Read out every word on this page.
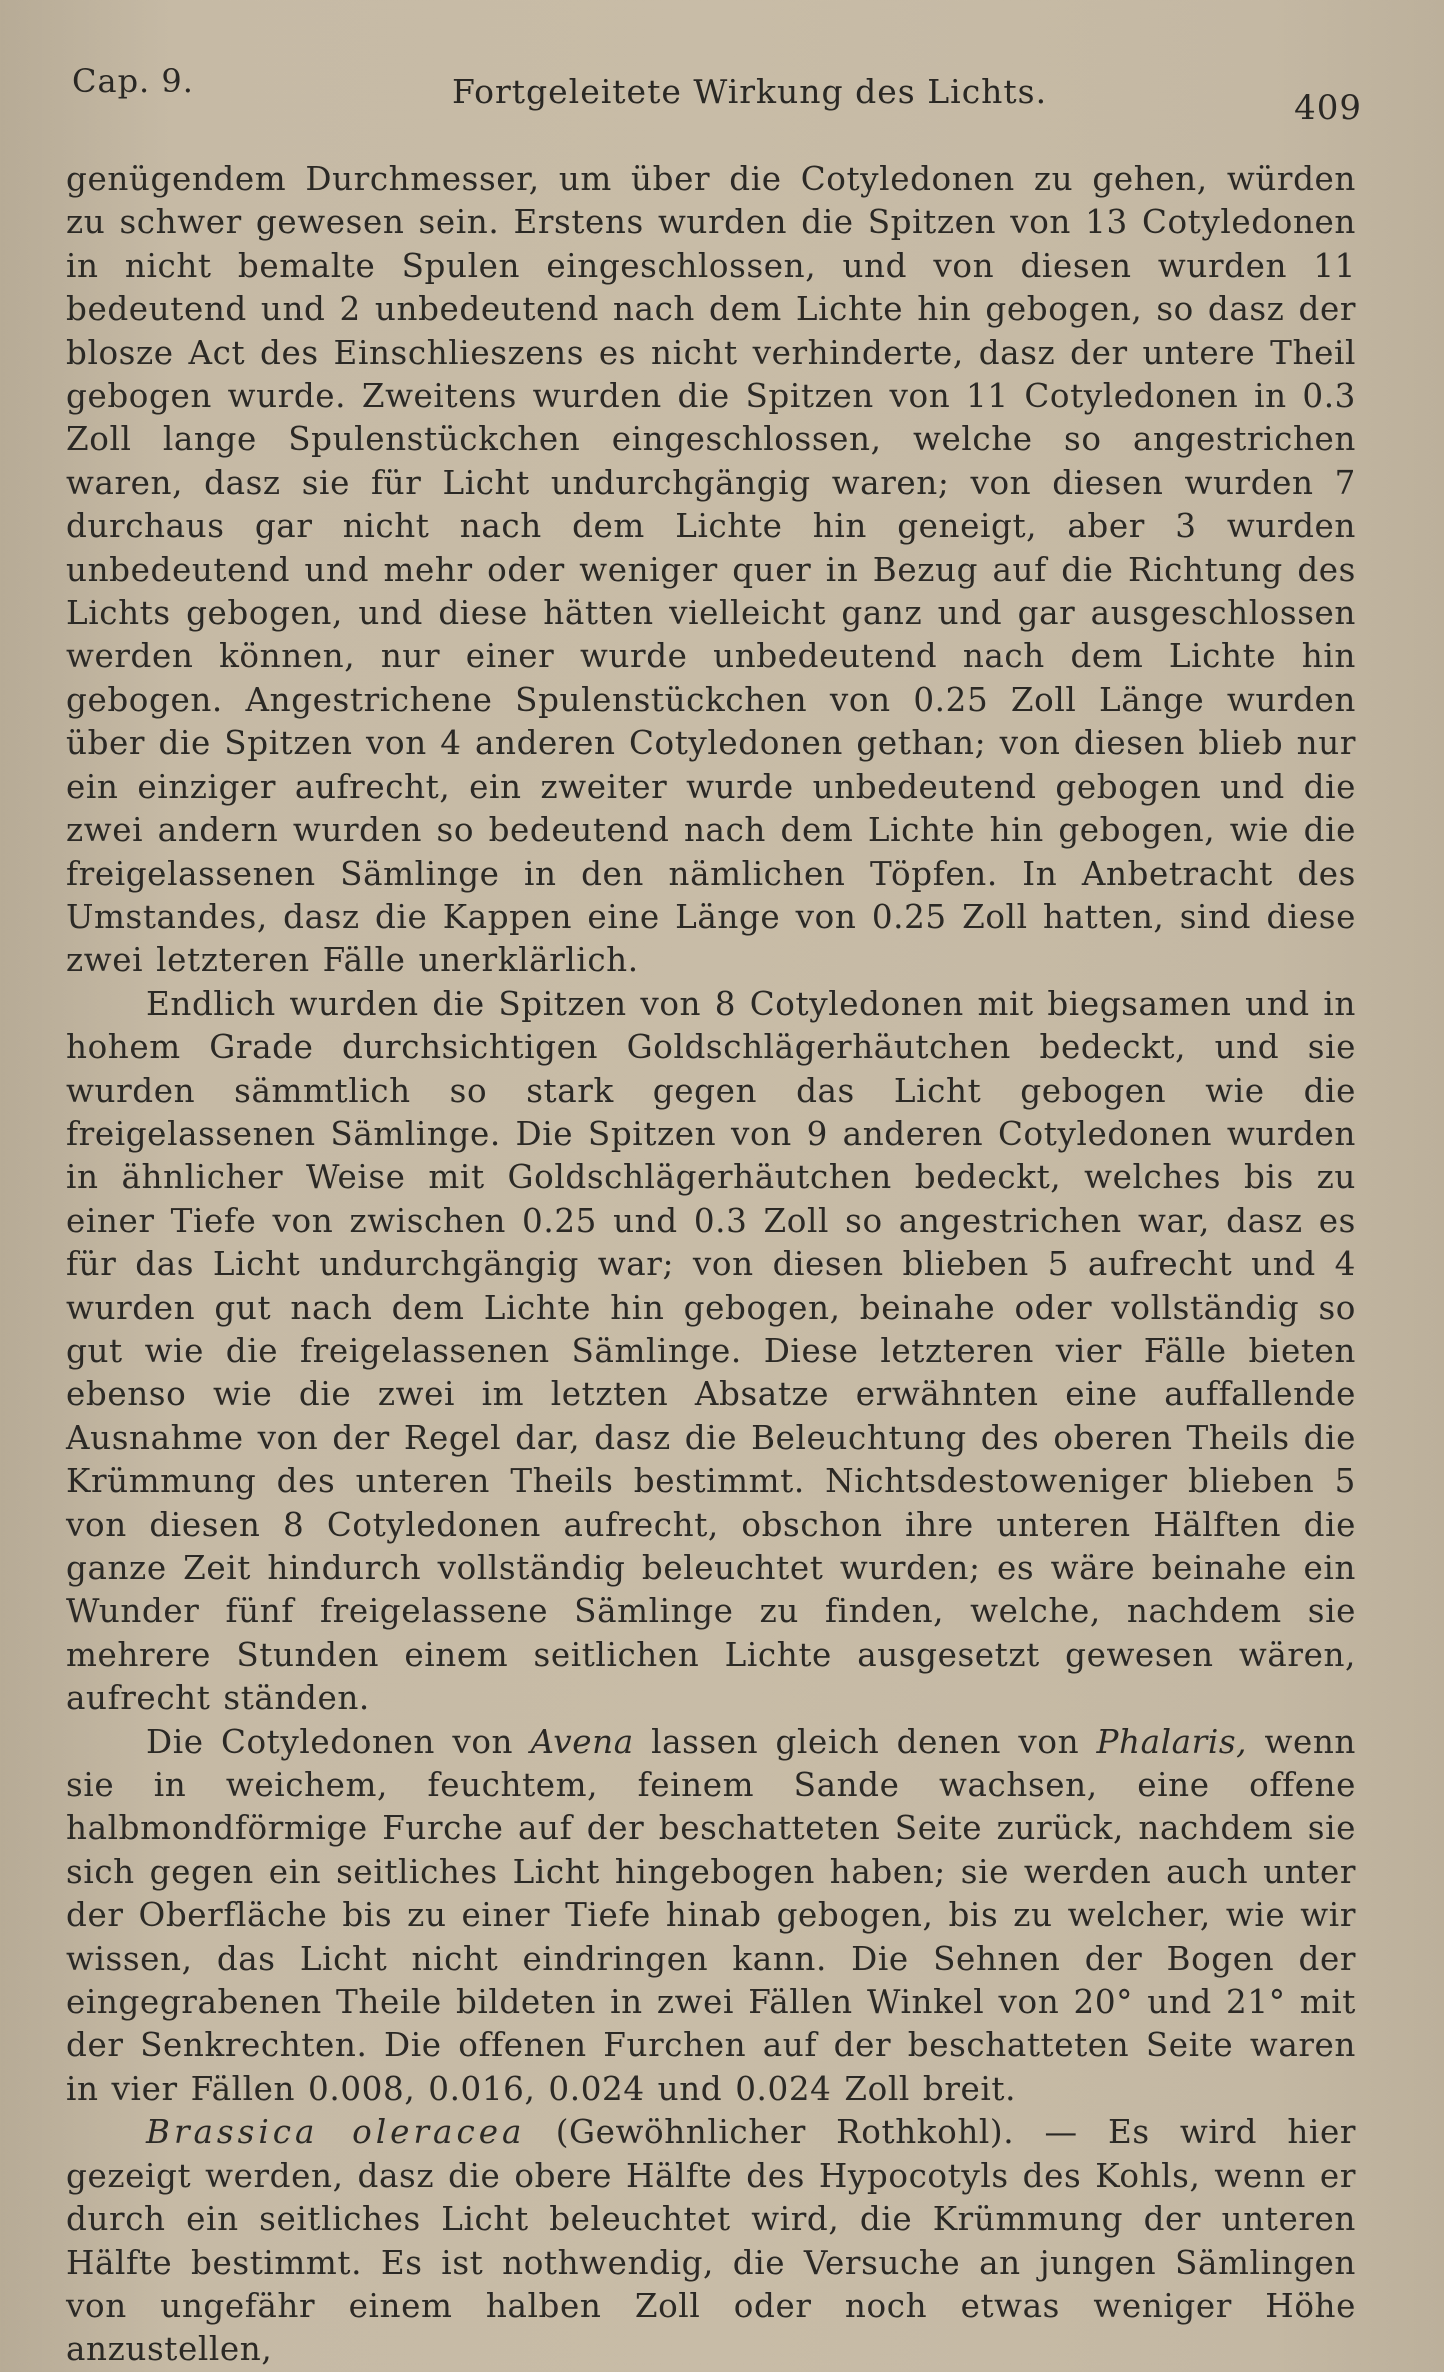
Cap. 9.	Fortgeleitete Wirkung des Lichts.	409

genügendem Durchmesser, um über die Cotyledonen zu gehen, würden zu schwer gewesen sein. Erstens wurden die Spitzen von 13 Cotyledonen in nicht bemalte Spulen eingeschlossen, und von diesen wurden 11 bedeutend und 2 unbedeutend nach dem Lichte hin gebogen, so dasz der blosze Act des Einschlieszens es nicht verhinderte, dasz der untere Theil gebogen wurde. Zweitens wurden die Spitzen von 11 Cotyledonen in 0.3 Zoll lange Spulenstückchen eingeschlossen, welche so angestrichen waren, dasz sie für Licht undurchgängig waren; von diesen wurden 7 durchaus gar nicht nach dem Lichte hin geneigt, aber 3 wurden unbedeutend und mehr oder weniger quer in Bezug auf die Richtung des Lichts gebogen, und diese hätten vielleicht ganz und gar ausgeschlossen werden können, nur einer wurde unbedeutend nach dem Lichte hin gebogen. Angestrichene Spulenstückchen von 0.25 Zoll Länge wurden über die Spitzen von 4 anderen Cotyledonen gethan; von diesen blieb nur ein einziger aufrecht, ein zweiter wurde unbedeutend gebogen und die zwei andern wurden so bedeutend nach dem Lichte hin gebogen, wie die freigelassenen Sämlinge in den nämlichen Töpfen. In Anbetracht des Umstandes, dasz die Kappen eine Länge von 0.25 Zoll hatten, sind diese zwei letzteren Fälle unerklärlich.

Endlich wurden die Spitzen von 8 Cotyledonen mit biegsamen und in hohem Grade durchsichtigen Goldschlägerhäutchen bedeckt, und sie wurden sämmtlich so stark gegen das Licht gebogen wie die freigelassenen Sämlinge. Die Spitzen von 9 anderen Cotyledonen wurden in ähnlicher Weise mit Goldschlägerhäutchen bedeckt, welches bis zu einer Tiefe von zwischen 0.25 und 0.3 Zoll so angestrichen war, dasz es für das Licht undurchgängig war; von diesen blieben 5 aufrecht und 4 wurden gut nach dem Lichte hin gebogen, beinahe oder vollständig so gut wie die freigelassenen Sämlinge. Diese letzteren vier Fälle bieten ebenso wie die zwei im letzten Absatze erwähnten eine auffallende Ausnahme von der Regel dar, dasz die Beleuchtung des oberen Theils die Krümmung des unteren Theils bestimmt. Nichtsdestoweniger blieben 5 von diesen 8 Cotyledonen aufrecht, obschon ihre unteren Hälften die ganze Zeit hindurch vollständig beleuchtet wurden; es wäre beinahe ein Wunder fünf freigelassene Sämlinge zu finden, welche, nachdem sie mehrere Stunden einem seitlichen Lichte ausgesetzt gewesen wären, aufrecht ständen.

Die Cotyledonen von Avena lassen gleich denen von Phalaris, wenn sie in weichem, feuchtem, feinem Sande wachsen, eine offene halbmondförmige Furche auf der beschatteten Seite zurück, nachdem sie sich gegen ein seitliches Licht hingebogen haben; sie werden auch unter der Oberfläche bis zu einer Tiefe hinab gebogen, bis zu welcher, wie wir wissen, das Licht nicht eindringen kann. Die Sehnen der Bogen der eingegrabenen Theile bildeten in zwei Fällen Winkel von 20° und 21° mit der Senkrechten. Die offenen Furchen auf der beschatteten Seite waren in vier Fällen 0.008, 0.016, 0.024 und 0.024 Zoll breit.

Brassica oleracea (Gewöhnlicher Rothkohl). — Es wird hier gezeigt werden, dasz die obere Hälfte des Hypocotyls des Kohls, wenn er durch ein seitliches Licht beleuchtet wird, die Krümmung der unteren Hälfte bestimmt. Es ist nothwendig, die Versuche an jungen Sämlingen von ungefähr einem halben Zoll oder noch etwas weniger Höhe anzustellen,
